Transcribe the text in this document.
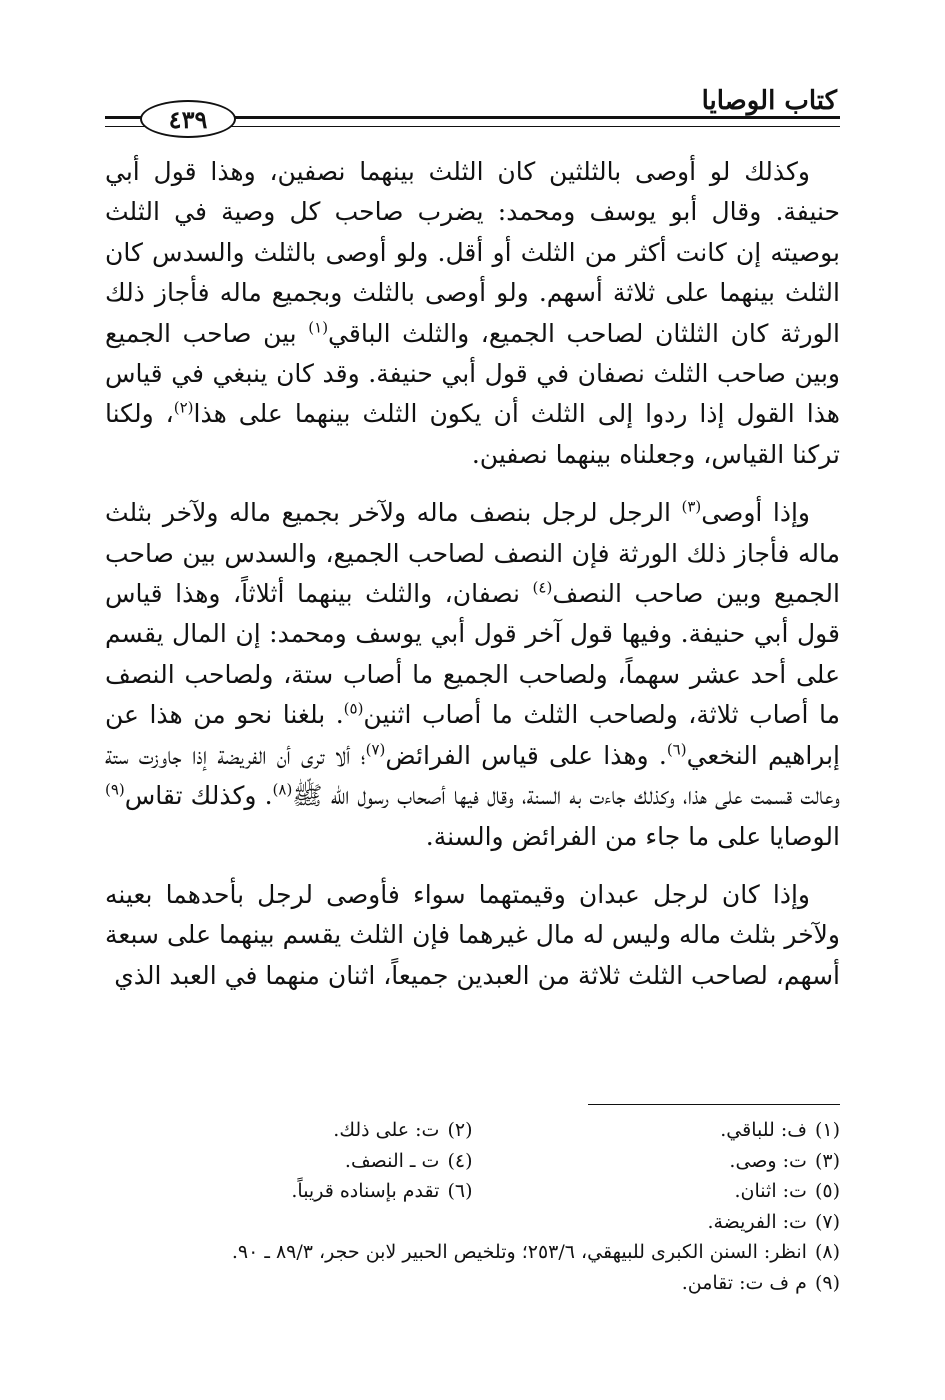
كتاب الوصايا
٤٣٩

وكذلك لو أوصى بالثلثين كان الثلث بينهما نصفين، وهذا قول أبي حنيفة. وقال أبو يوسف ومحمد: يضرب صاحب كل وصية في الثلث بوصيته إن كانت أكثر من الثلث أو أقل. ولو أوصى بالثلث والسدس كان الثلث بينهما على ثلاثة أسهم. ولو أوصى بالثلث وبجميع ماله فأجاز ذلك الورثة كان الثلثان لصاحب الجميع، والثلث الباقي$^{(١)}$ بين صاحب الجميع وبين صاحب الثلث نصفان في قول أبي حنيفة. وقد كان ينبغي في قياس هذا القول إذا ردوا إلى الثلث أن يكون الثلث بينهما على هذا$^{(٢)}$، ولكنا تركنا القياس، وجعلناه بينهما نصفين.

وإذا أوصى$^{(٣)}$ الرجل لرجل بنصف ماله ولآخر بجميع ماله ولآخر بثلث ماله فأجاز ذلك الورثة فإن النصف لصاحب الجميع، والسدس بين صاحب الجميع وبين صاحب النصف$^{(٤)}$ نصفان، والثلث بينهما أثلاثاً، وهذا قياس قول أبي حنيفة. وفيها قول آخر قول أبي يوسف ومحمد: إن المال يقسم على أحد عشر سهماً، ولصاحب الجميع ما أصاب ستة، ولصاحب النصف ما أصاب ثلاثة، ولصاحب الثلث ما أصاب اثنين$^{(٥)}$. بلغنا نحو من هذا عن إبراهيم النخعي$^{(٦)}$. وهذا على قياس الفرائض$^{(٧)}$؛ ألا ترى أن الفريضة إذا جاوزت ستة وعالت قسمت على هذا، وكذلك جاءت به السنة، وقال فيها أصحاب رسول الله ﷺ$^{(٨)}$. وكذلك تقاس$^{(٩)}$ الوصايا على ما جاء من الفرائض والسنة.

وإذا كان لرجل عبدان وقيمتهما سواء فأوصى لرجل بأحدهما بعينه ولآخر بثلث ماله وليس له مال غيرهما فإن الثلث يقسم بينهما على سبعة أسهم، لصاحب الثلث ثلاثة من العبدين جميعاً، اثنان منهما في العبد الذي

(١)ف: للباقي.
(٢)ت: على ذلك.
(٣)ت: وصى.
(٤)ت ـ النصف.
(٥)ت: اثنان.
(٦)تقدم بإسناده قريباً.
(٧)ت: الفريضة.
(٨)انظر: السنن الكبرى للبيهقي، ٢٥٣/٦؛ وتلخيص الحبير لابن حجر، ٨٩/٣ ـ ٩٠.
(٩)م ف ت: تقامن.
